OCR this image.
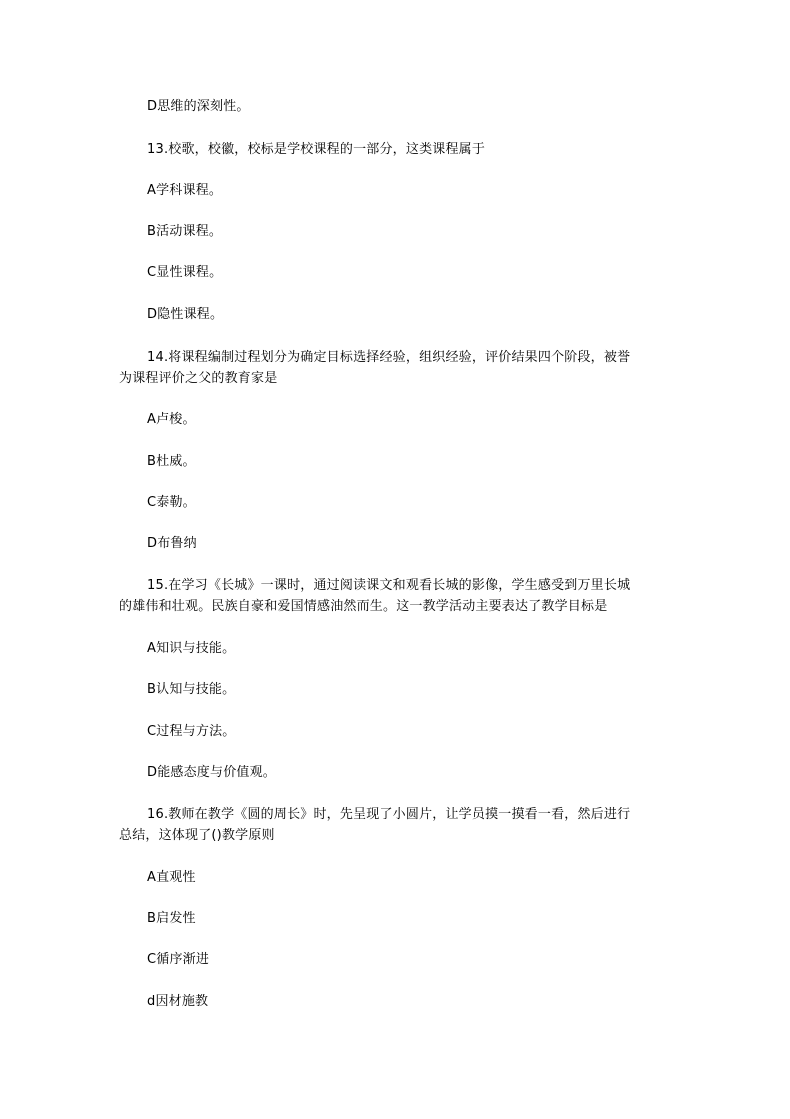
D思维的深刻性。
13.校歌，校徽，校标是学校课程的一部分，这类课程属于
A学科课程。
B活动课程。
C显性课程。
D隐性课程。
14.将课程编制过程划分为确定目标选择经验，组织经验，评价结果四个阶段，被誉
为课程评价之父的教育家是
A卢梭。
B杜威。
C泰勒。
D布鲁纳
15.在学习《长城》一课时，通过阅读课文和观看长城的影像，学生感受到万里长城
的雄伟和壮观。民族自豪和爱国情感油然而生。这一教学活动主要表达了教学目标是
A知识与技能。
B认知与技能。
C过程与方法。
D能感态度与价值观。
16.教师在教学《圆的周长》时，先呈现了小圆片，让学员摸一摸看一看，然后进行
总结，这体现了()教学原则
A直观性
B启发性
C循序渐进
d因材施教
